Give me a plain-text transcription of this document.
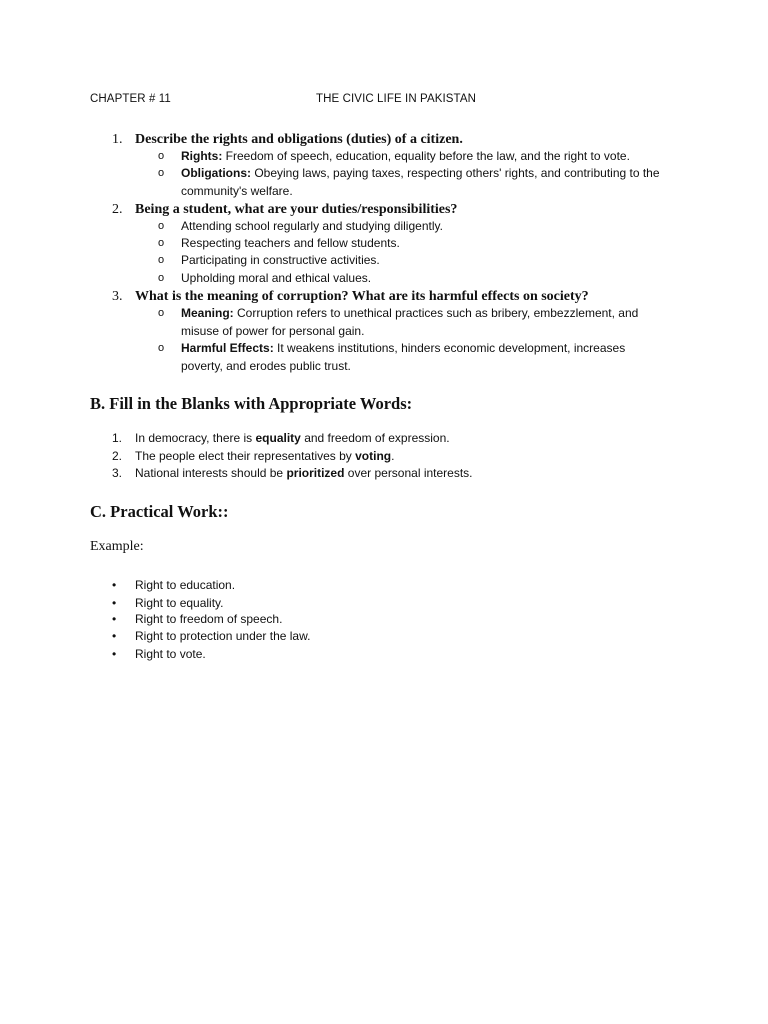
CHAPTER # 11	THE CIVIC LIFE IN PAKISTAN
1. Describe the rights and obligations (duties) of a citizen.
o	Rights: Freedom of speech, education, equality before the law, and the right to vote.
o	Obligations: Obeying laws, paying taxes, respecting others' rights, and contributing to the community's welfare.
2. Being a student, what are your duties/responsibilities?
o	Attending school regularly and studying diligently.
o	Respecting teachers and fellow students.
o	Participating in constructive activities.
o	Upholding moral and ethical values.
3. What is the meaning of corruption? What are its harmful effects on society?
o	Meaning: Corruption refers to unethical practices such as bribery, embezzlement, and misuse of power for personal gain.
o	Harmful Effects: It weakens institutions, hinders economic development, increases poverty, and erodes public trust.
B. Fill in the Blanks with Appropriate Words:
1. In democracy, there is equality and freedom of expression.
2. The people elect their representatives by voting.
3. National interests should be prioritized over personal interests.
C. Practical Work::
Example:
• Right to education.
• Right to equality.
• Right to freedom of speech.
• Right to protection under the law.
• Right to vote.
